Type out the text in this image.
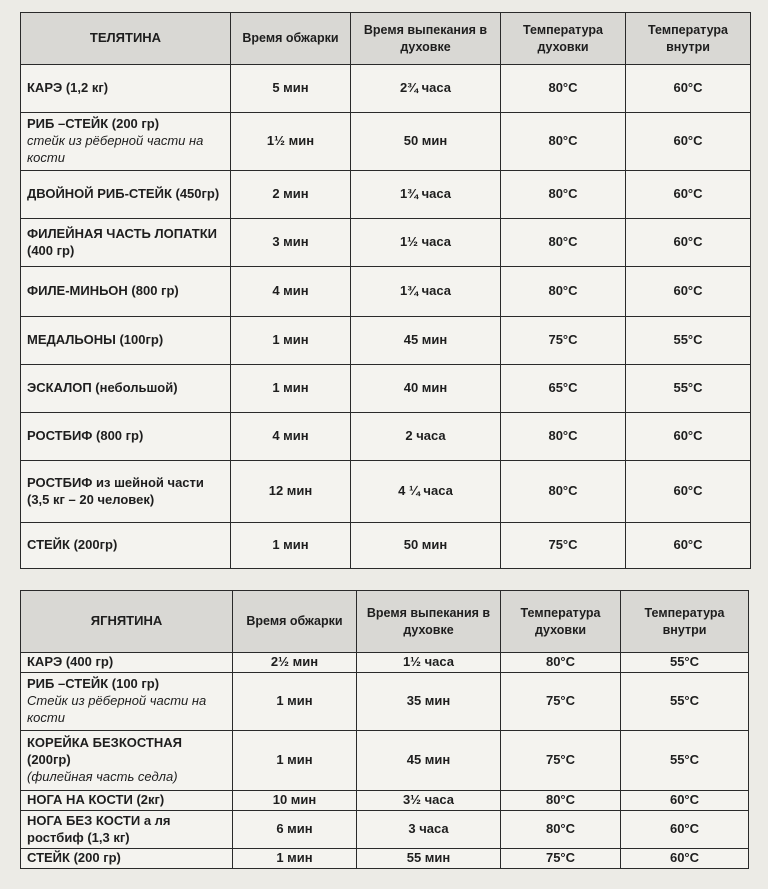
ТЕЛЯТИНА	Время обжарки	Время выпекания в духовке	Температура духовки	Температура внутри
КАРЭ (1,2 кг)	5 мин	2¾ часа	80°C	60°C
РИБ –СТЕЙК (200 гр)
стейк из рёберной части на кости	1½ мин	50 мин	80°C	60°C
ДВОЙНОЙ РИБ-СТЕЙК (450гр)	2 мин	1¾ часа	80°C	60°C
ФИЛЕЙНАЯ ЧАСТЬ ЛОПАТКИ (400 гр)	3 мин	1½ часа	80°C	60°C
ФИЛЕ-МИНЬОН (800 гр)	4 мин	1¾ часа	80°C	60°C
МЕДАЛЬОНЫ (100гр)	1 мин	45 мин	75°C	55°C
ЭСКАЛОП (небольшой)	1 мин	40 мин	65°C	55°C
РОСТБИФ (800 гр)	4 мин	2 часа	80°C	60°C
РОСТБИФ из шейной части (3,5 кг – 20 человек)	12 мин	4 ¼ часа	80°C	60°C
СТЕЙК (200гр)	1 мин	50 мин	75°C	60°C
ЯГНЯТИНА	Время обжарки	Время выпекания в духовке	Температура духовки	Температура внутри
КАРЭ (400 гр)	2½ мин	1½ часа	80°C	55°C
РИБ –СТЕЙК (100 гр)
Стейк из рёберной части на кости	1 мин	35 мин	75°C	55°C
КОРЕЙКА БЕЗКОСТНАЯ (200гр)
(филейная часть седла)	1 мин	45 мин	75°C	55°C
НОГА НА КОСТИ (2кг)	10 мин	3½ часа	80°C	60°C
НОГА БЕЗ КОСТИ а ля ростбиф (1,3 кг)	6 мин	3 часа	80°C	60°C
СТЕЙК (200 гр)	1 мин	55 мин	75°C	60°C
